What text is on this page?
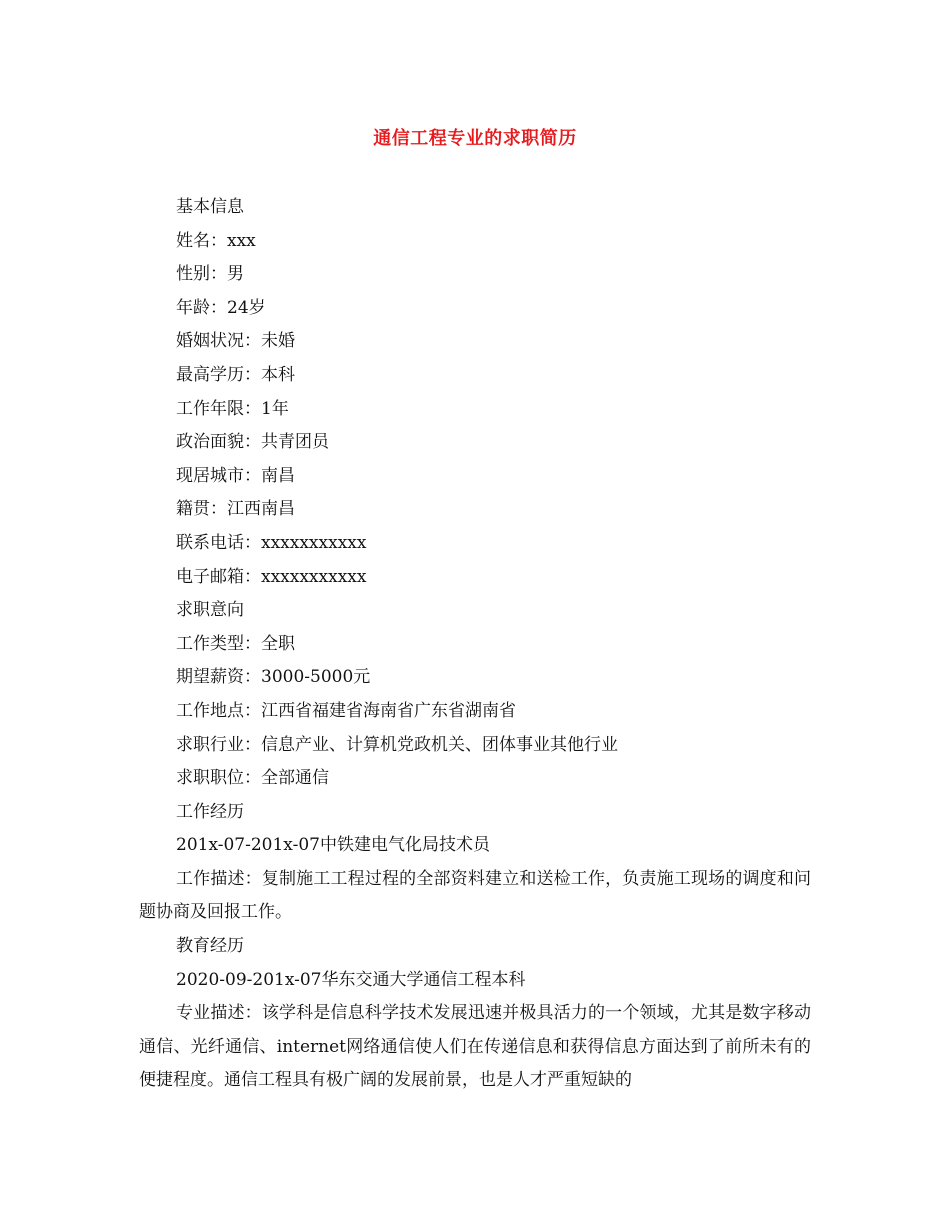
通信工程专业的求职简历
基本信息
姓名：xxx
性别：男
年龄：24岁
婚姻状况：未婚
最高学历：本科
工作年限：1年
政治面貌：共青团员
现居城市：南昌
籍贯：江西南昌
联系电话：xxxxxxxxxxx
电子邮箱：xxxxxxxxxxx
求职意向
工作类型：全职
期望薪资：3000-5000元
工作地点：江西省福建省海南省广东省湖南省
求职行业：信息产业、计算机党政机关、团体事业其他行业
求职职位：全部通信
工作经历
201x-07-201x-07中铁建电气化局技术员
工作描述：复制施工工程过程的全部资料建立和送检工作，负责施工现场的调度和问题协商及回报工作。
教育经历
2020-09-201x-07华东交通大学通信工程本科
专业描述：该学科是信息科学技术发展迅速并极具活力的一个领域，尤其是数字移动通信、光纤通信、internet网络通信使人们在传递信息和获得信息方面达到了前所未有的便捷程度。通信工程具有极广阔的发展前景，也是人才严重短缺的
